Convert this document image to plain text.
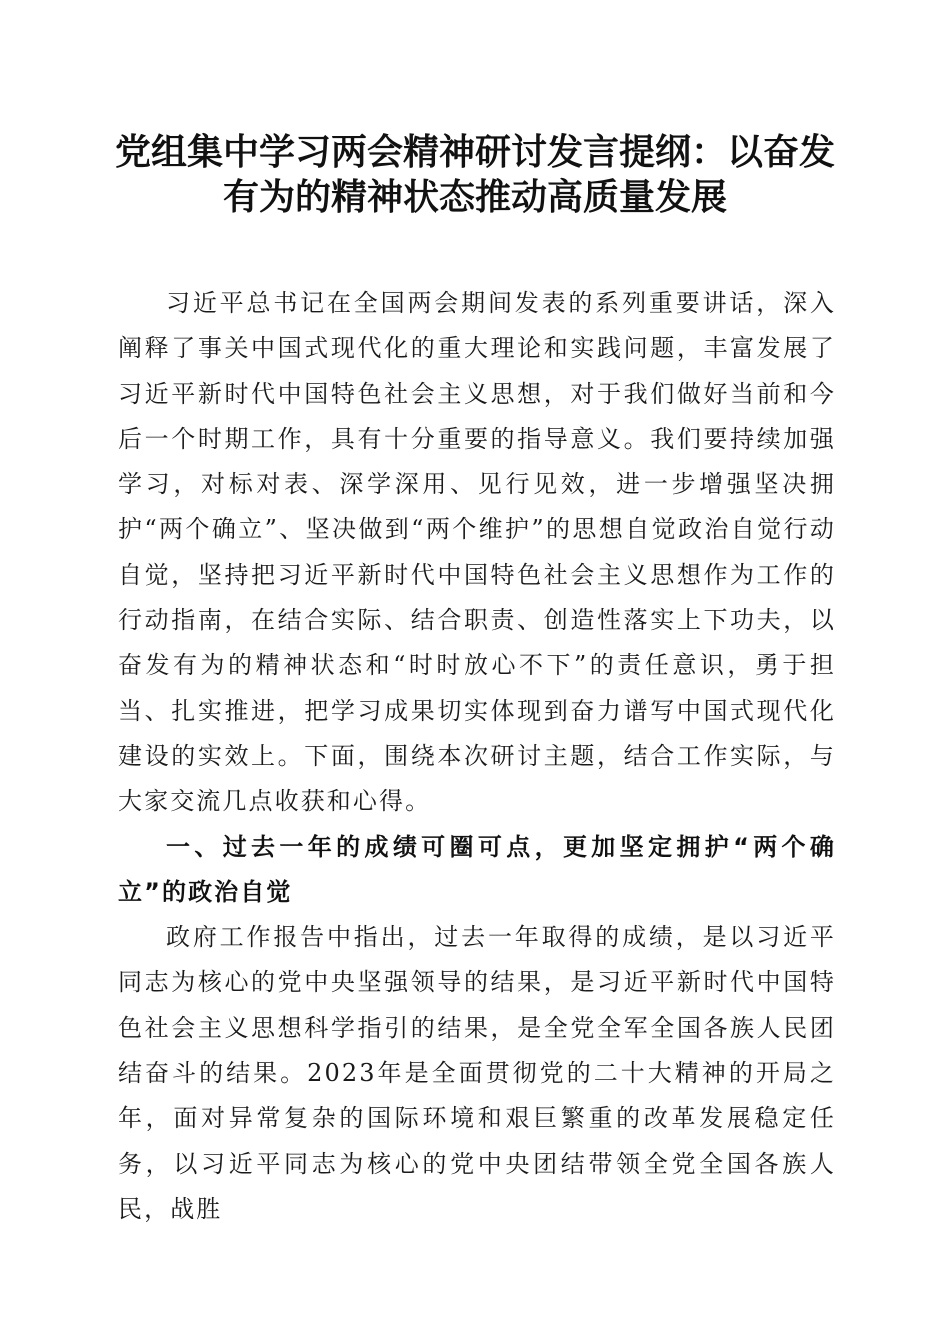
党组集中学习两会精神研讨发言提纲：以奋发有为的精神状态推动高质量发展

习近平总书记在全国两会期间发表的系列重要讲话，深入阐释了事关中国式现代化的重大理论和实践问题，丰富发展了习近平新时代中国特色社会主义思想，对于我们做好当前和今后一个时期工作，具有十分重要的指导意义。我们要持续加强学习，对标对表、深学深用、见行见效，进一步增强坚决拥护“两个确立”、坚决做到“两个维护”的思想自觉政治自觉行动自觉，坚持把习近平新时代中国特色社会主义思想作为工作的行动指南，在结合实际、结合职责、创造性落实上下功夫，以奋发有为的精神状态和“时时放心不下”的责任意识，勇于担当、扎实推进，把学习成果切实体现到奋力谱写中国式现代化建设的实效上。下面，围绕本次研讨主题，结合工作实际，与大家交流几点收获和心得。

一、过去一年的成绩可圈可点，更加坚定拥护“两个确立”的政治自觉

政府工作报告中指出，过去一年取得的成绩，是以习近平同志为核心的党中央坚强领导的结果，是习近平新时代中国特色社会主义思想科学指引的结果，是全党全军全国各族人民团结奋斗的结果。2023年是全面贯彻党的二十大精神的开局之年，面对异常复杂的国际环境和艰巨繁重的改革发展稳定任务，以习近平同志为核心的党中央团结带领全党全国各族人民，战胜
